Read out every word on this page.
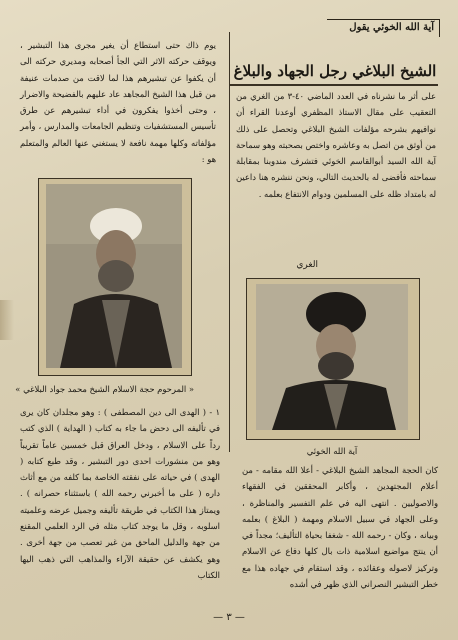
آية الله الخوئي يقول
الشيخ البلاغي رجل الجهاد والبلاغ

على أثر ما نشرناه في العدد الماضي ٤٠-٣ من الغري من التعقيب على مقال الاستاذ المظفري أوعدنا القراء أن نوافيهم بشرحه مؤلفات الشيخ البلاغي وتحصل على ذلك من أوثق من اتصل به وعاشره واختص بصحبته وهو سماحة آية الله السيد أبوالقاسم الخوئي فتشرف مندوبنا بمقابلة سماحته فأفضى له بالحديث التالي، ونحن ننشره هنا داعين له بامتداد ظله على المسلمين ودوام الانتفاع بعلمه .

الغري

يوم ذاك حتى استطاع أن يغير مجرى هذا التبشير ، ويوقف حركته الاثر التي الجأ أصحابه ومديري حركته الى أن يكفوا عن تبشيرهم هذا لما لاقت من صدمات عنيفة من قبل هذا الشيخ المجاهد عاد عليهم بالفضيحة والاضرار ، وحتى أخذوا يفكرون في أداء تبشيرهم عن طرق تأسيس المستشفيات وتنظيم الجامعات والمدارس ، وأمر مؤلفاته وكلها مهمة نافعة لا يستغني عنها العالم والمتعلم هو :

« المرحوم حجة الاسلام الشيخ محمد جواد البلاغي »
آية الله الخوئي
كان الحجة المجاهد الشيخ البلاغي - أعلا الله مقامه - من أعلام المجتهدين ، وأكابر المحققين في الفقهاء والاصوليين . انتهى اليه في علم التفسير والمناظرة ، وعلى الجهاد في سبيل الاسلام ومهمة ( البلاغ ) بعلمه وبيانه ، وكان - رحمه الله - شغفا بحياة التأليف؛ مجداً في أن ينتج مواضيع اسلامية ذات بال كلها دفاع عن الاسلام وتركيز لاصوله وعقائده ، وقد استقام في جهاده هذا مع خطر التبشير النصراني الذي ظهر في أشده
١ - ( الهدى الى دين المصطفى ) : وهو مجلدان كان يرى في تأليفه الى دحض ما جاء به كتاب ( الهداية ) الذي كتب رداً على الاسلام ، ودخل العراق قبل خمسين عاماً تقريباً وهو من منشورات احدى دور التبشير ، وقد طبع كتابه ( الهدى ) في حياته على نفقته الخاصة بما كلفه من مع أثاث داره ( على ما أخبرني رحمه الله ) باستثناء حصرانه ) . ويمتاز هذا الكتاب في طريقة تأليفه وجميل عرضه وعلميته اسلوبه ، وقل ما يوجد كتاب مثله في الرد العلمي المقنع من جهة والدليل الماحق من غير تعصب من جهة أخرى . وهو يكشف عن حقيقة الآراء والمذاهب التي ذهب اليها الكتاب
— ٣ —
